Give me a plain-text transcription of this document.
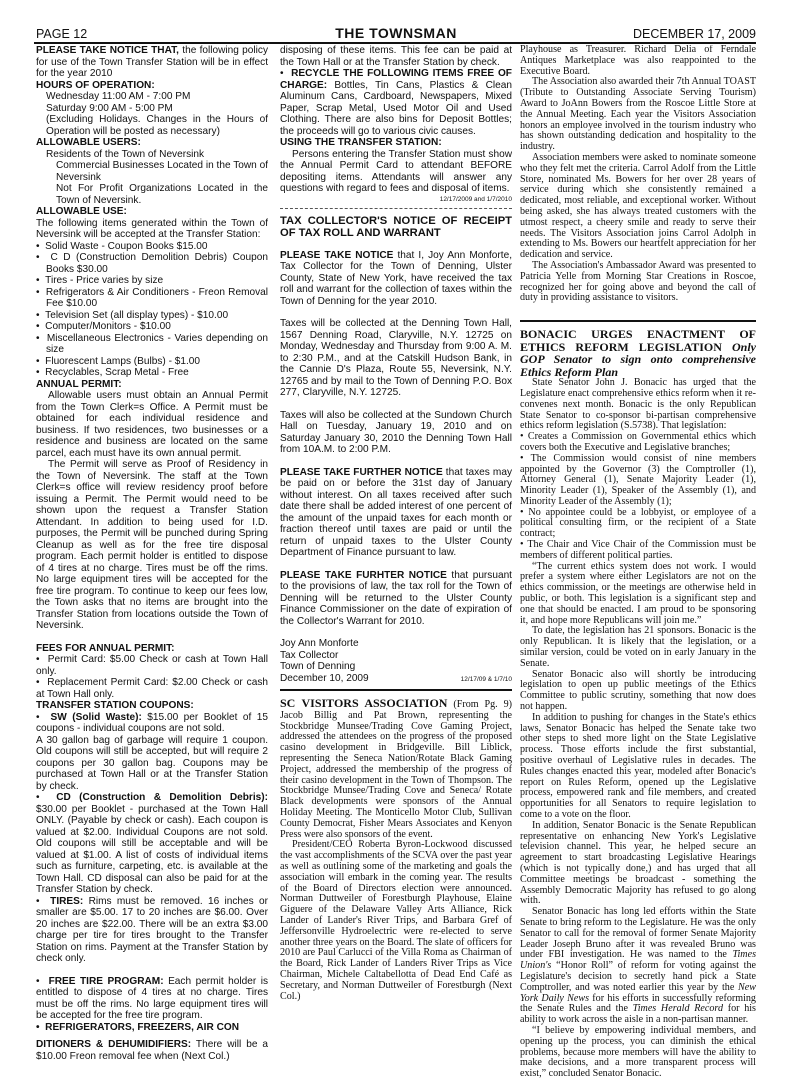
PAGE 12	THE TOWNSMAN	DECEMBER 17, 2009

PLEASE TAKE NOTICE THAT, the following policy for use of the Town Transfer Station will be in effect for the year 2010

HOURS OF OPERATION:

Wednesday 11:00 AM - 7:00 PM

Saturday 9:00 AM - 5:00 PM

(Excluding Holidays. Changes in the Hours of Operation will be posted as necessary)

ALLOWABLE USERS:

Residents of the Town of Neversink

Commercial Businesses Located in the Town of Neversink

Not For Profit Organizations Located in the Town of Neversink.

ALLOWABLE USE:

The following items generated within the Town of Neversink will be accepted at the Transfer Station:

•  Solid Waste - Coupon Books $15.00

•  C D (Construction Demolition Debris) Coupon Books $30.00

•  Tires - Price varies by size

•  Refrigerators & Air Conditioners - Freon Removal Fee $10.00

•  Television Set (all display types) - $10.00

•  Computer/Monitors - $10.00

•  Miscellaneous Electronics - Varies depending on size

•  Fluorescent Lamps (Bulbs) - $1.00

•  Recyclables, Scrap Metal - Free

ANNUAL PERMIT:

Allowable users must obtain an Annual Permit from the Town Clerk=s Office. A Permit must be obtained for each individual residence and business. If two residences, two businesses or a residence and business are located on the same parcel, each must have its own annual permit.

The Permit will serve as Proof of Residency in the Town of Neversink. The staff at the Town Clerk=s office will review residency proof before issuing a Permit. The Permit would need to be shown upon the request a Transfer Station Attendant. In addition to being used for I.D. purposes, the Permit will be punched during Spring Cleanup as well as for the free tire disposal program. Each permit holder is entitled to dispose of 4 tires at no charge. Tires must be off the rims. No large equipment tires will be accepted for the free tire program. To continue to keep our fees low, the Town asks that no items are brought into the Transfer Station from locations outside the Town of Neversink.

FEES FOR ANNUAL PERMIT:

•  Permit Card: $5.00 Check or cash at Town Hall only.

•  Replacement Permit Card: $2.00 Check or cash at Town Hall only.

TRANSFER STATION COUPONS:

•  SW (Solid Waste): $15.00 per Booklet of 15 coupons - individual coupons are not sold.

A 30 gallon bag of garbage will require 1 coupon. Old coupons will still be accepted, but will require 2 coupons per 30 gallon bag. Coupons may be purchased at Town Hall or at the Transfer Station by check.

•  CD (Construction & Demolition Debris): $30.00 per Booklet - purchased at the Town Hall ONLY. (Payable by check or cash). Each coupon is valued at $2.00. Individual Coupons are not sold. Old coupons will still be acceptable and will be valued at $1.00. A list of costs of individual items such as furniture, carpeting, etc. is available at the Town Hall. CD disposal can also be paid for at the Transfer Station by check.

•  TIRES: Rims must be removed. 16 inches or smaller are $5.00. 17 to 20 inches are $6.00. Over 20 inches are $22.00. There will be an extra $3.00 charge per tire for tires brought to the Transfer Station on rims. Payment at the Transfer Station by check only.

•  FREE TIRE PROGRAM: Each permit holder is entitled to dispose of 4 tires at no charge. Tires must be off the rims. No large equipment tires will be accepted for the free tire program.

•  REFRIGERATORS, FREEZERS, AIR CON

DITIONERS & DEHUMIDIFIERS: There will be a $10.00 Freon removal fee when (Next Col.)

disposing of these items. This fee can be paid at the Town Hall or at the Transfer Station by check.

•  RECYCLE THE FOLLOWING ITEMS FREE OF CHARGE: Bottles, Tin Cans, Plastics & Clean Aluminum Cans, Cardboard, Newspapers, Mixed Paper, Scrap Metal, Used Motor Oil and Used Clothing. There are also bins for Deposit Bottles; the proceeds will go to various civic causes.

USING THE TRANSFER STATION:

Persons entering the Transfer Station must show the Annual Permit Card to attendant BEFORE depositing items. Attendants will answer any questions with regard to fees and disposal of items.

12/17/2009 and 1/7/2010

TAX COLLECTOR'S NOTICE OF RECEIPT OF TAX ROLL AND WARRANT

PLEASE TAKE NOTICE that I, Joy Ann Monforte, Tax Collector for the Town of Denning, Ulster County, State of New York, have received the tax roll and warrant for the collection of taxes within the Town of Denning for the year 2010.

Taxes will be collected at the Denning Town Hall, 1567 Denning Road, Claryville, N.Y. 12725 on Monday, Wednesday and Thursday from 9:00 A. M. to 2:30 P.M., and at the Catskill Hudson Bank, in the Cannie D's Plaza, Route 55, Neversink, N.Y. 12765 and by mail to the Town of Denning P.O. Box 277, Claryville, N.Y. 12725.

Taxes will also be collected at the Sundown Church Hall on Tuesday, January 19, 2010 and on Saturday January 30, 2010 the Denning Town Hall from 10A.M. to 2:00 P.M.

PLEASE TAKE FURTHER NOTICE that taxes may be paid on or before the 31st day of January without interest. On all taxes received after such date there shall be added interest of one percent of the amount of the unpaid taxes for each month or fraction thereof until taxes are paid or until the return of unpaid taxes to the Ulster County Department of Finance pursuant to law.

PLEASE TAKE FURHTER NOTICE that pursuant to the provisions of law, the tax roll for the Town of Denning will be returned to the Ulster County Finance Commissioner on the date of expiration of the Collector's Warrant for 2010.

Joy Ann Monforte

Tax Collector

Town of Denning

December 10, 2009	12/17/09 & 1/7/10

SC VISITORS ASSOCIATION (From Pg. 9) Jacob Billig and Pat Brown, representing the Stockbridge Munsee/Trading Cove Gaming Project, addressed the attendees on the progress of the proposed casino development in Bridgeville. Bill Liblick, representing the Seneca Nation/Rotate Black Gaming Project, addressed the membership of the progress of their casino development in the Town of Thompson. The Stockbridge Munsee/Trading Cove and Seneca/ Rotate Black developments were sponsors of the Annual Holiday Meeting. The Monticello Motor Club, Sullivan County Democrat, Fisher Mears Associates and Kenyon Press were also sponsors of the event.

President/CEO Roberta Byron-Lockwood discussed the vast accomplishments of the SCVA over the past year as well as outlining some of the marketing and goals the association will embark in the coming year. The results of the Board of Directors election were announced. Norman Duttweiler of Forestburgh Playhouse, Elaine Giguere of the Delaware Valley Arts Alliance, Rick Lander of Lander's River Trips, and Barbara Gref of Jeffersonville Hydroelectric were re-elected to serve another three years on the Board. The slate of officers for 2010 are Paul Carlucci of the Villa Roma as Chairman of the Board, Rick Lander of Landers River Trips as Vice Chairman, Michele Caltabellotta of Dead End Café as Secretary, and Norman Duttweiler of Forestburgh (Next Col.)

Playhouse as Treasurer. Richard Delia of Ferndale Antiques Marketplace was also reappointed to the Executive Board.

The Association also awarded their 7th Annual TOAST (Tribute to Outstanding Associate Serving Tourism) Award to JoAnn Bowers from the Roscoe Little Store at the Annual Meeting. Each year the Visitors Association honors an employee involved in the tourism industry who has shown outstanding dedication and hospitality to the industry.

Association members were asked to nominate someone who they felt met the criteria. Carrol Adolf from the Little Store, nominated Ms. Bowers for her over 28 years of service during which she consistently remained a dedicated, most reliable, and exceptional worker. Without being asked, she has always treated customers with the utmost respect, a cheery smile and ready to serve their needs. The Visitors Association joins Carrol Adolph in extending to Ms. Bowers our heartfelt appreciation for her dedication and service.

The Association's Ambassador Award was presented to Patricia Yelle from Morning Star Creations in Roscoe, recognized her for going above and beyond the call of duty in providing assistance to visitors.

BONACIC URGES ENACTMENT OF ETHICS REFORM LEGISLATION Only GOP Senator to sign onto comprehensive Ethics Reform Plan

State Senator John J. Bonacic has urged that the Legislature enact comprehensive ethics reform when it re-convenes next month. Bonacic is the only Republican State Senator to co-sponsor bi-partisan comprehensive ethics reform legislation (S.5738). That legislation:

• Creates a Commission on Governmental ethics which covers both the Executive and Legislative branches;

• The Commission would consist of nine members appointed by the Governor (3) the Comptroller (1), Attorney General (1), Senate Majority Leader (1), Minority Leader (1), Speaker of the Assembly (1), and Minority Leader of the Assembly (1);

• No appointee could be a lobbyist, or employee of a political consulting firm, or the recipient of a State contract;

• The Chair and Vice Chair of the Commission must be members of different political parties.

“The current ethics system does not work. I would prefer a system where either Legislators are not on the ethics commission, or the meetings are otherwise held in public, or both. This legislation is a significant step and one that should be enacted. I am proud to be sponsoring it, and hope more Republicans will join me.”

To date, the legislation has 21 sponsors. Bonacic is the only Republican. It is likely that the legislation, or a similar version, could be voted on in early January in the Senate.

Senator Bonacic also will shortly be introducing legislation to open up public meetings of the Ethics Committee to public scrutiny, something that now does not happen.

In addition to pushing for changes in the State's ethics laws, Senator Bonacic has helped the Senate take two other steps to shed more light on the State Legislative process. Those efforts include the first substantial, positive overhaul of Legislative rules in decades. The Rules changes enacted this year, modeled after Bonacic's report on Rules Reform, opened up the Legislative process, empowered rank and file members, and created opportunities for all Senators to require legislation to come to a vote on the floor.

In addition, Senator Bonacic is the Senate Republican representative on enhancing New York's Legislative television channel. This year, he helped secure an agreement to start broadcasting Legislative Hearings (which is not typically done,) and has urged that all Committee meetings be broadcast - something the Assembly Democratic Majority has refused to go along with.

Senator Bonacic has long led efforts within the State Senate to bring reform to the Legislature. He was the only Senator to call for the removal of former Senate Majority Leader Joseph Bruno after it was revealed Bruno was under FBI investigation. He was named to the Times Union's “Honor Roll” of reform for voting against the Legislature's decision to secretly hand pick a State Comptroller, and was noted earlier this year by the New York Daily News for his efforts in successfully reforming the Senate Rules and the Times Herald Record for his ability to work across the aisle in a non-partisan manner.

“I believe by empowering individual members, and opening up the process, you can diminish the ethical problems, because more members will have the ability to make decisions, and a more transparent process will exist,” concluded Senator Bonacic.
